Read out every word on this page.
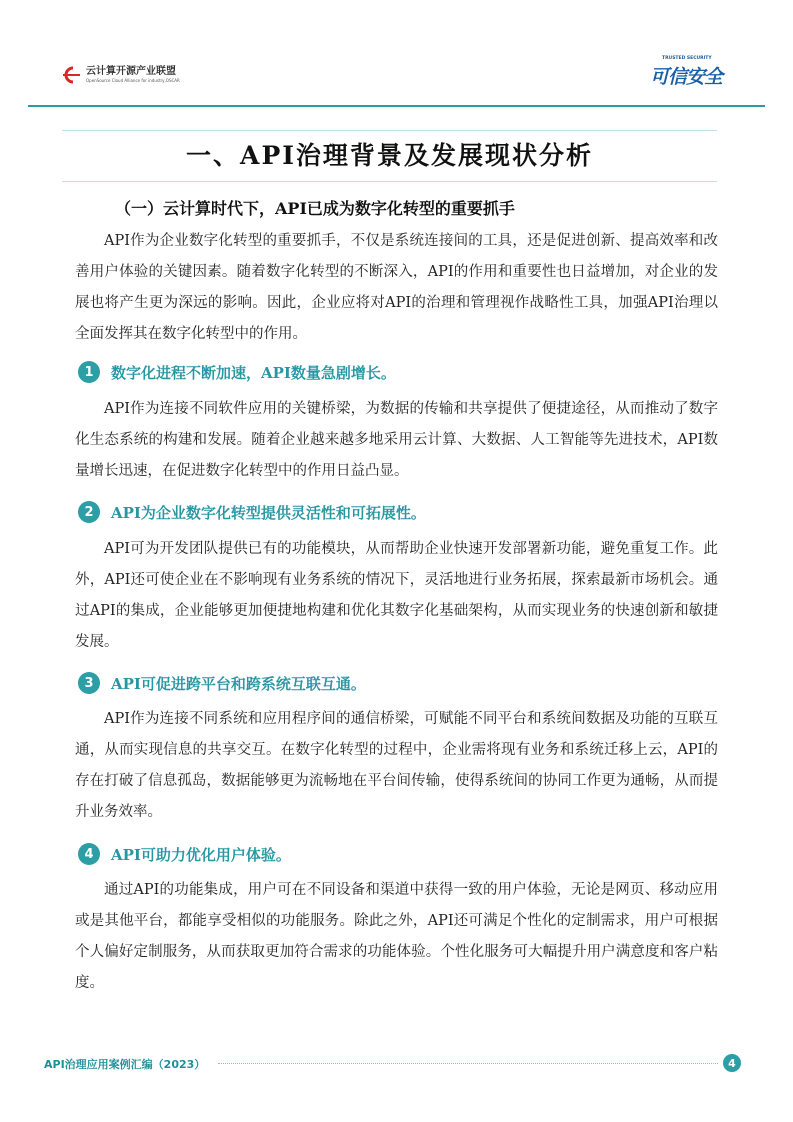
云计算开源产业联盟
OpenSource Cloud Alliance for industry,OSCAR
TRUSTED SECURITY
可信安全
一、API治理背景及发展现状分析
（一）云计算时代下，API已成为数字化转型的重要抓手

API作为企业数字化转型的重要抓手，不仅是系统连接间的工具，还是促进创新、提高效率和改善用户体验的关键因素。随着数字化转型的不断深入，API的作用和重要性也日益增加，对企业的发展也将产生更为深远的影响。因此，企业应将对API的治理和管理视作战略性工具，加强API治理以全面发挥其在数字化转型中的作用。

1	数字化进程不断加速，API数量急剧增长。

API作为连接不同软件应用的关键桥梁，为数据的传输和共享提供了便捷途径，从而推动了数字化生态系统的构建和发展。随着企业越来越多地采用云计算、大数据、人工智能等先进技术，API数量增长迅速，在促进数字化转型中的作用日益凸显。

2	API为企业数字化转型提供灵活性和可拓展性。

API可为开发团队提供已有的功能模块，从而帮助企业快速开发部署新功能，避免重复工作。此外，API还可使企业在不影响现有业务系统的情况下，灵活地进行业务拓展，探索最新市场机会。通过API的集成，企业能够更加便捷地构建和优化其数字化基础架构，从而实现业务的快速创新和敏捷发展。

3	API可促进跨平台和跨系统互联互通。

API作为连接不同系统和应用程序间的通信桥梁，可赋能不同平台和系统间数据及功能的互联互通，从而实现信息的共享交互。在数字化转型的过程中，企业需将现有业务和系统迁移上云，API的存在打破了信息孤岛，数据能够更为流畅地在平台间传输，使得系统间的协同工作更为通畅，从而提升业务效率。

4	API可助力优化用户体验。

通过API的功能集成，用户可在不同设备和渠道中获得一致的用户体验，无论是网页、移动应用或是其他平台，都能享受相似的功能服务。除此之外，API还可满足个性化的定制需求，用户可根据个人偏好定制服务，从而获取更加符合需求的功能体验。个性化服务可大幅提升用户满意度和客户粘度。

API治理应用案例汇编（2023）	4
